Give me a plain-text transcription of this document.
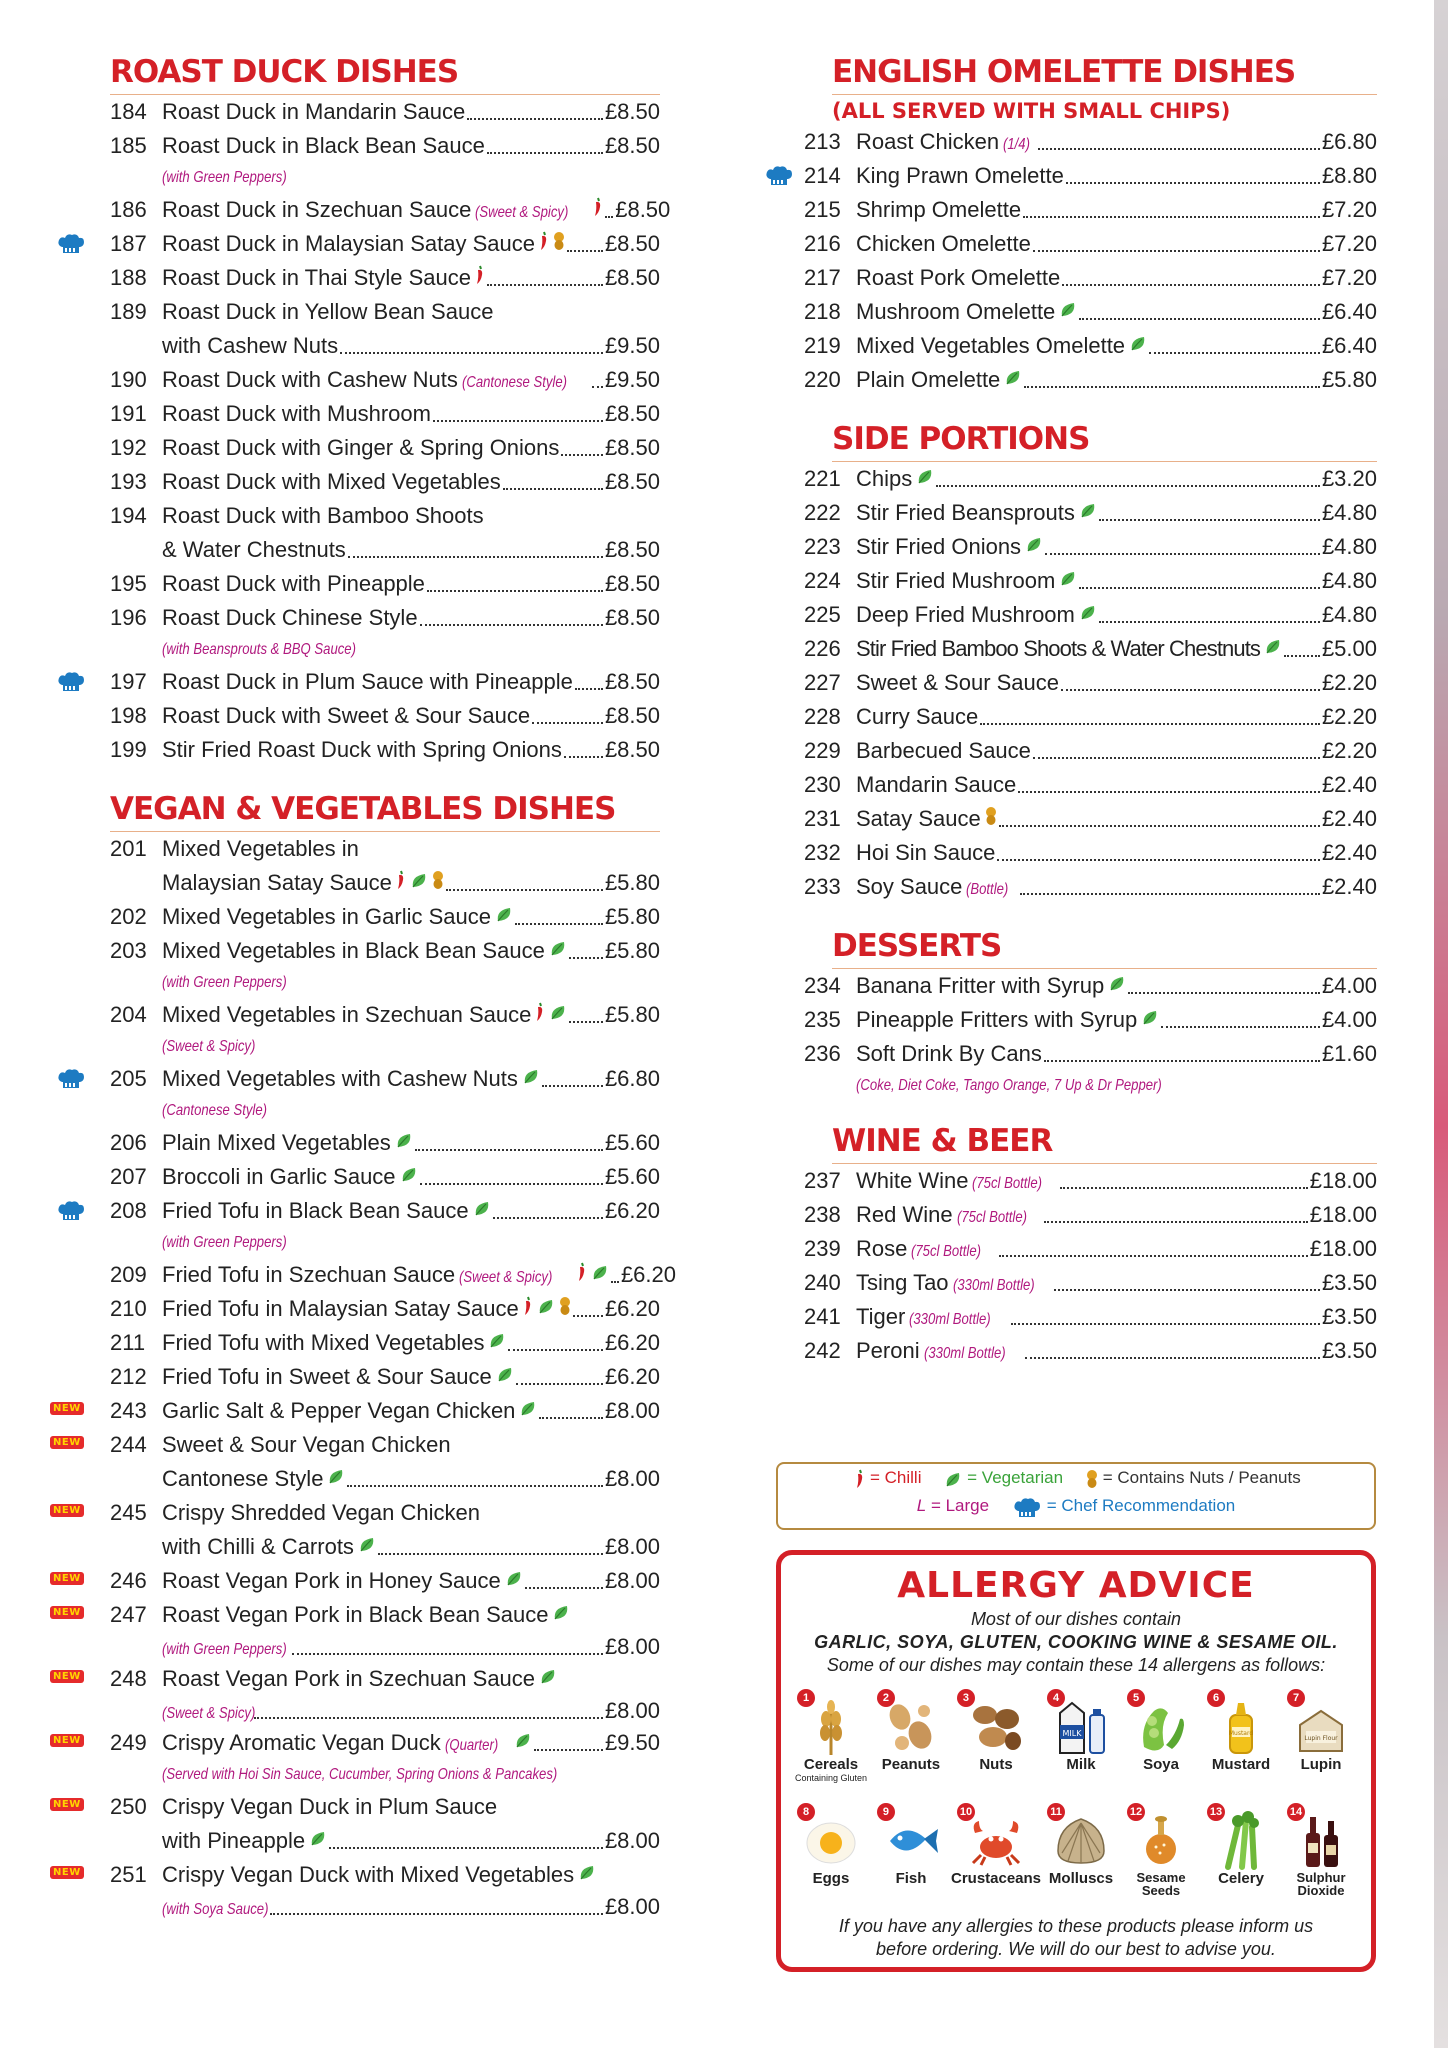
ROAST DUCK DISHES
184 Roast Duck in Mandarin Sauce	£8.50
185 Roast Duck in Black Bean Sauce	£8.50
(with Green Peppers)
186 Roast Duck in Szechuan Sauce (Sweet & Spicy) £8.50
187 Roast Duck in Malaysian Satay Sauce	£8.50
188 Roast Duck in Thai Style Sauce	£8.50
189 Roast Duck in Yellow Bean Sauce
with Cashew Nuts	£9.50
190 Roast Duck with Cashew Nuts (Cantonese Style) £9.50
191 Roast Duck with Mushroom	£8.50
192 Roast Duck with Ginger & Spring Onions £8.50
193 Roast Duck with Mixed Vegetables	£8.50
194 Roast Duck with Bamboo Shoots
& Water Chestnuts	£8.50
195 Roast Duck with Pineapple	£8.50
196 Roast Duck Chinese Style	£8.50
(with Beansprouts & BBQ Sauce)
197 Roast Duck in Plum Sauce with Pineapple £8.50
198 Roast Duck with Sweet & Sour Sauce	£8.50
199 Stir Fried Roast Duck with Spring Onions £8.50
VEGAN & VEGETABLES DISHES
201 Mixed Vegetables in
Malaysian Satay Sauce	£5.80
202 Mixed Vegetables in Garlic Sauce	£5.80
203 Mixed Vegetables in Black Bean Sauce	£5.80
(with Green Peppers)
204 Mixed Vegetables in Szechuan Sauce	£5.80
(Sweet & Spicy)
205 Mixed Vegetables with Cashew Nuts	£6.80
(Cantonese Style)
206 Plain Mixed Vegetables	£5.60
207 Broccoli in Garlic Sauce	£5.60
208 Fried Tofu in Black Bean Sauce	£6.20
(with Green Peppers)
209 Fried Tofu in Szechuan Sauce (Sweet & Spicy)	£6.20
210 Fried Tofu in Malaysian Satay Sauce	£6.20
211 Fried Tofu with Mixed Vegetables	£6.20
212 Fried Tofu in Sweet & Sour Sauce	£6.20
NEW 243 Garlic Salt & Pepper Vegan Chicken	£8.00
NEW 244 Sweet & Sour Vegan Chicken
Cantonese Style	£8.00
NEW 245 Crispy Shredded Vegan Chicken
with Chilli & Carrots	£8.00
NEW 246 Roast Vegan Pork in Honey Sauce	£8.00
NEW 247 Roast Vegan Pork in Black Bean Sauce
(with Green Peppers)	£8.00
NEW 248 Roast Vegan Pork in Szechuan Sauce
(Sweet & Spicy)	£8.00
NEW 249 Crispy Aromatic Vegan Duck (Quarter)	£9.50
(Served with Hoi Sin Sauce, Cucumber, Spring Onions & Pancakes)
NEW 250 Crispy Vegan Duck in Plum Sauce
with Pineapple	£8.00
NEW 251 Crispy Vegan Duck with Mixed Vegetables
(with Soya Sauce)	£8.00
ENGLISH OMELETTE DISHES
(ALL SERVED WITH SMALL CHIPS)
213 Roast Chicken (1/4)	£6.80
214 King Prawn Omelette	£8.80
215 Shrimp Omelette	£7.20
216 Chicken Omelette	£7.20
217 Roast Pork Omelette	£7.20
218 Mushroom Omelette	£6.40
219 Mixed Vegetables Omelette	£6.40
220 Plain Omelette	£5.80
SIDE PORTIONS
221 Chips	£3.20
222 Stir Fried Beansprouts	£4.80
223 Stir Fried Onions	£4.80
224 Stir Fried Mushroom	£4.80
225 Deep Fried Mushroom	£4.80
226 Stir Fried Bamboo Shoots & Water Chestnuts	£5.00
227 Sweet & Sour Sauce	£2.20
228 Curry Sauce	£2.20
229 Barbecued Sauce	£2.20
230 Mandarin Sauce	£2.40
231 Satay Sauce	£2.40
232 Hoi Sin Sauce	£2.40
233 Soy Sauce (Bottle)	£2.40
DESSERTS
234 Banana Fritter with Syrup	£4.00
235 Pineapple Fritters with Syrup	£4.00
236 Soft Drink By Cans	£1.60
(Coke, Diet Coke, Tango Orange, 7 Up & Dr Pepper)
WINE & BEER
237 White Wine (75cl Bottle)	£18.00
238 Red Wine (75cl Bottle)	£18.00
239 Rose (75cl Bottle)	£18.00
240 Tsing Tao (330ml Bottle)	£3.50
241 Tiger (330ml Bottle)	£3.50
242 Peroni (330ml Bottle)	£3.50
= Chilli	= Vegetarian = Contains Nuts / Peanuts
L = Large	= Chef Recommendation
ALLERGY ADVICE
Most of our dishes contain
GARLIC, SOYA, GLUTEN, COOKING WINE & SESAME OIL.
Some of our dishes may contain these 14 allergens as follows:
1
Cereals
Containing Gluten
2
Peanuts
3
Nuts
4
MILK
Milk
5
Soya
6
Mustard
Mustard
7
Lupin Flour
Lupin
8
Eggs
9
Fish
10
Crustaceans
11
Molluscs
12
Sesame Seeds
13
Celery
14
Sulphur Dioxide
If you have any allergies to these products please inform us
before ordering. We will do our best to advise you.
